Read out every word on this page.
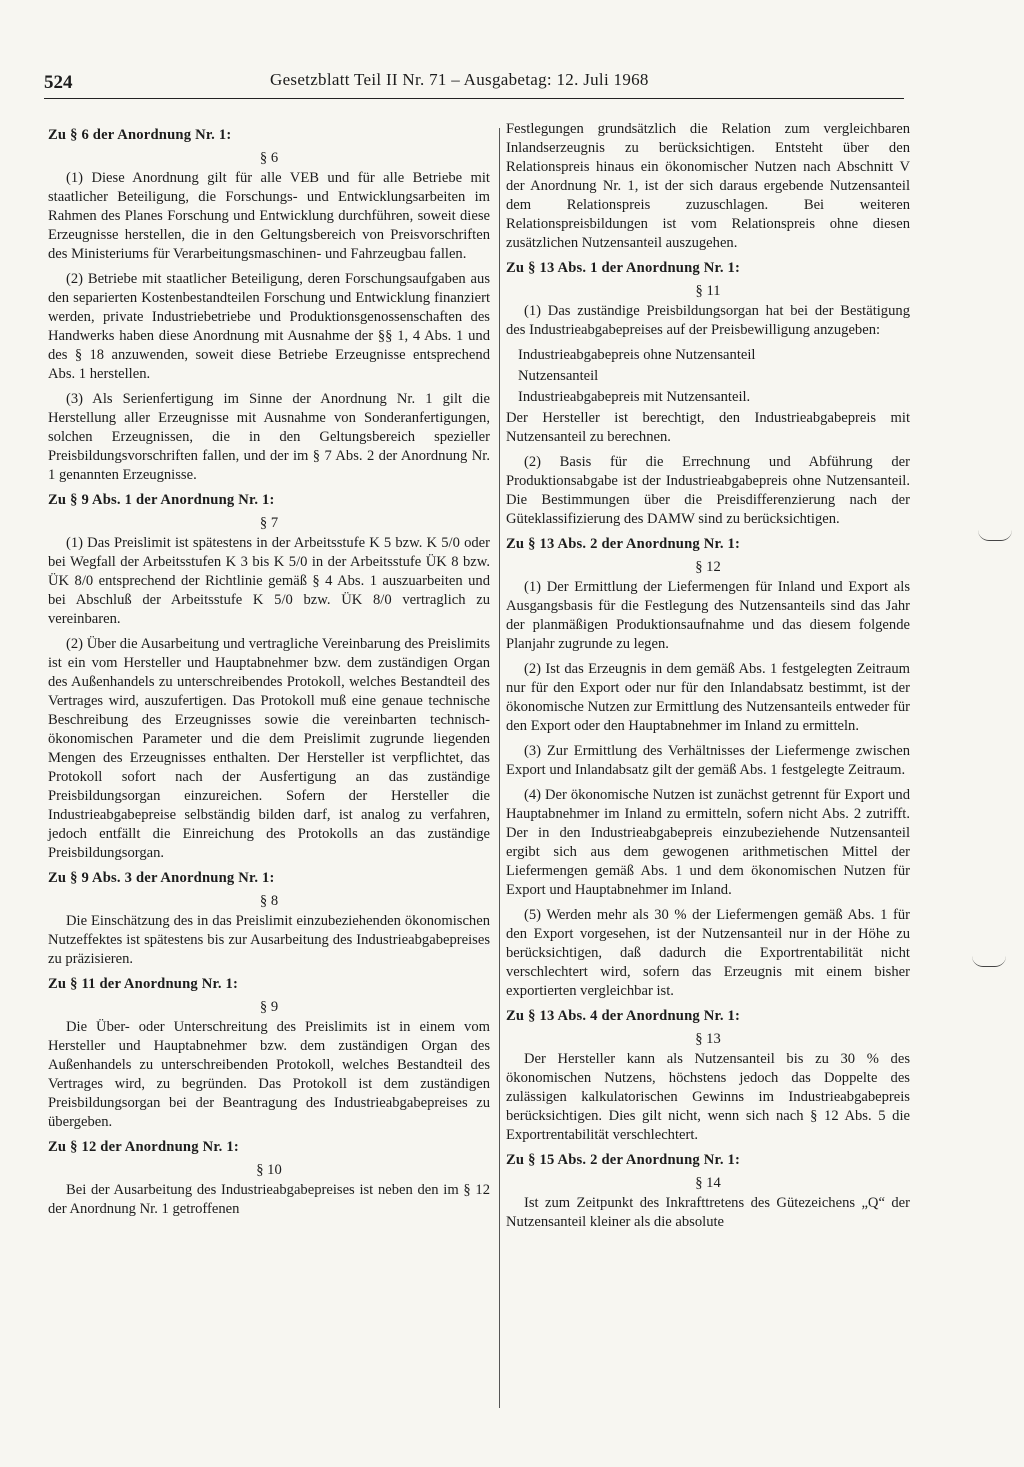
524	Gesetzblatt Teil II Nr. 71 – Ausgabetag: 12. Juli 1968
Zu § 6 der Anordnung Nr. 1:
§ 6

(1) Diese Anordnung gilt für alle VEB und für alle Betriebe mit staatlicher Beteiligung, die Forschungs- und Entwicklungsarbeiten im Rahmen des Planes Forschung und Entwicklung durchführen, soweit diese Erzeugnisse herstellen, die in den Geltungsbereich von Preisvorschriften des Ministeriums für Verarbeitungsmaschinen- und Fahrzeugbau fallen.

(2) Betriebe mit staatlicher Beteiligung, deren Forschungsaufgaben aus den separierten Kostenbestandteilen Forschung und Entwicklung finanziert werden, private Industriebetriebe und Produktionsgenossenschaften des Handwerks haben diese Anordnung mit Ausnahme der §§ 1, 4 Abs. 1 und des § 18 anzuwenden, soweit diese Betriebe Erzeugnisse entsprechend Abs. 1 herstellen.

(3) Als Serienfertigung im Sinne der Anordnung Nr. 1 gilt die Herstellung aller Erzeugnisse mit Ausnahme von Sonderanfertigungen, solchen Erzeugnissen, die in den Geltungsbereich spezieller Preisbildungsvorschriften fallen, und der im § 7 Abs. 2 der Anordnung Nr. 1 genannten Erzeugnisse.

Zu § 9 Abs. 1 der Anordnung Nr. 1:
§ 7

(1) Das Preislimit ist spätestens in der Arbeitsstufe K 5 bzw. K 5/0 oder bei Wegfall der Arbeitsstufen K 3 bis K 5/0 in der Arbeitsstufe ÜK 8 bzw. ÜK 8/0 entsprechend der Richtlinie gemäß § 4 Abs. 1 auszuarbeiten und bei Abschluß der Arbeitsstufe K 5/0 bzw. ÜK 8/0 vertraglich zu vereinbaren.

(2) Über die Ausarbeitung und vertragliche Vereinbarung des Preislimits ist ein vom Hersteller und Hauptabnehmer bzw. dem zuständigen Organ des Außenhandels zu unterschreibendes Protokoll, welches Bestandteil des Vertrages wird, auszufertigen. Das Protokoll muß eine genaue technische Beschreibung des Erzeugnisses sowie die vereinbarten technisch-ökonomischen Parameter und die dem Preislimit zugrunde liegenden Mengen des Erzeugnisses enthalten. Der Hersteller ist verpflichtet, das Protokoll sofort nach der Ausfertigung an das zuständige Preisbildungsorgan einzureichen. Sofern der Hersteller die Industrieabgabepreise selbständig bilden darf, ist analog zu verfahren, jedoch entfällt die Einreichung des Protokolls an das zuständige Preisbildungsorgan.

Zu § 9 Abs. 3 der Anordnung Nr. 1:
§ 8

Die Einschätzung des in das Preislimit einzubeziehenden ökonomischen Nutzeffektes ist spätestens bis zur Ausarbeitung des Industrieabgabepreises zu präzisieren.

Zu § 11 der Anordnung Nr. 1:
§ 9

Die Über- oder Unterschreitung des Preislimits ist in einem vom Hersteller und Hauptabnehmer bzw. dem zuständigen Organ des Außenhandels zu unterschreibenden Protokoll, welches Bestandteil des Vertrages wird, zu begründen. Das Protokoll ist dem zuständigen Preisbildungsorgan bei der Beantragung des Industrieabgabepreises zu übergeben.

Zu § 12 der Anordnung Nr. 1:
§ 10

Bei der Ausarbeitung des Industrieabgabepreises ist neben den im § 12 der Anordnung Nr. 1 getroffenen

Festlegungen grundsätzlich die Relation zum vergleichbaren Inlandserzeugnis zu berücksichtigen. Entsteht über den Relationspreis hinaus ein ökonomischer Nutzen nach Abschnitt V der Anordnung Nr. 1, ist der sich daraus ergebende Nutzensanteil dem Relationspreis zuzuschlagen. Bei weiteren Relationspreisbildungen ist vom Relationspreis ohne diesen zusätzlichen Nutzensanteil auszugehen.

Zu § 13 Abs. 1 der Anordnung Nr. 1:
§ 11

(1) Das zuständige Preisbildungsorgan hat bei der Bestätigung des Industrieabgabepreises auf der Preisbewilligung anzugeben:

Industrieabgabepreis ohne Nutzensanteil

Nutzensanteil

Industrieabgabepreis mit Nutzensanteil.

Der Hersteller ist berechtigt, den Industrieabgabepreis mit Nutzensanteil zu berechnen.

(2) Basis für die Errechnung und Abführung der Produktionsabgabe ist der Industrieabgabepreis ohne Nutzensanteil. Die Bestimmungen über die Preisdifferenzierung nach der Güteklassifizierung des DAMW sind zu berücksichtigen.

Zu § 13 Abs. 2 der Anordnung Nr. 1:
§ 12

(1) Der Ermittlung der Liefermengen für Inland und Export als Ausgangsbasis für die Festlegung des Nutzensanteils sind das Jahr der planmäßigen Produktionsaufnahme und das diesem folgende Planjahr zugrunde zu legen.

(2) Ist das Erzeugnis in dem gemäß Abs. 1 festgelegten Zeitraum nur für den Export oder nur für den Inlandabsatz bestimmt, ist der ökonomische Nutzen zur Ermittlung des Nutzensanteils entweder für den Export oder den Hauptabnehmer im Inland zu ermitteln.

(3) Zur Ermittlung des Verhältnisses der Liefermenge zwischen Export und Inlandabsatz gilt der gemäß Abs. 1 festgelegte Zeitraum.

(4) Der ökonomische Nutzen ist zunächst getrennt für Export und Hauptabnehmer im Inland zu ermitteln, sofern nicht Abs. 2 zutrifft. Der in den Industrieabgabepreis einzubeziehende Nutzensanteil ergibt sich aus dem gewogenen arithmetischen Mittel der Liefermengen gemäß Abs. 1 und dem ökonomischen Nutzen für Export und Hauptabnehmer im Inland.

(5) Werden mehr als 30 % der Liefermengen gemäß Abs. 1 für den Export vorgesehen, ist der Nutzensanteil nur in der Höhe zu berücksichtigen, daß dadurch die Exportrentabilität nicht verschlechtert wird, sofern das Erzeugnis mit einem bisher exportierten vergleichbar ist.

Zu § 13 Abs. 4 der Anordnung Nr. 1:
§ 13

Der Hersteller kann als Nutzensanteil bis zu 30 % des ökonomischen Nutzens, höchstens jedoch das Doppelte des zulässigen kalkulatorischen Gewinns im Industrieabgabepreis berücksichtigen. Dies gilt nicht, wenn sich nach § 12 Abs. 5 die Exportrentabilität verschlechtert.

Zu § 15 Abs. 2 der Anordnung Nr. 1:
§ 14

Ist zum Zeitpunkt des Inkrafttretens des Gütezeichens „Q“ der Nutzensanteil kleiner als die absolute
